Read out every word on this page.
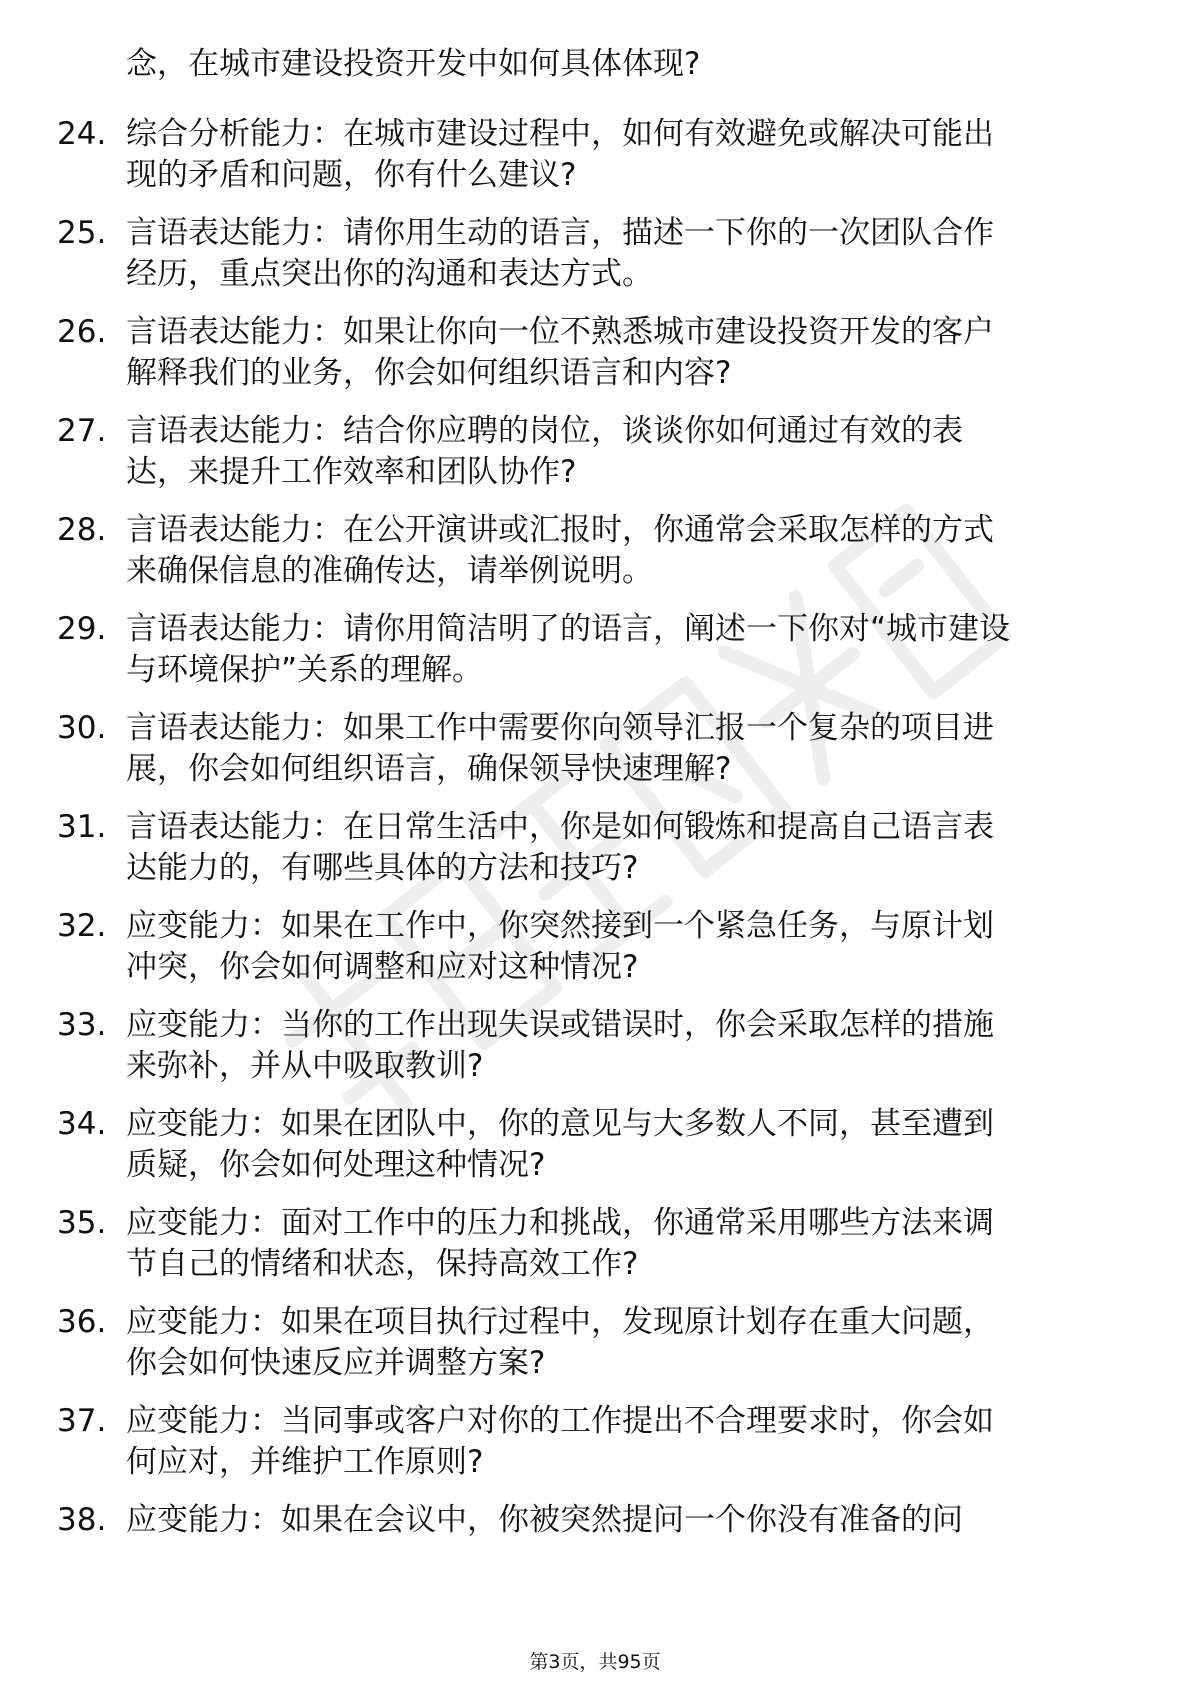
念，在城市建设投资开发中如何具体体现?
24. 综合分析能力：在城市建设过程中，如何有效避免或解决可能出
现的矛盾和问题，你有什么建议?
25. 言语表达能力：请你用生动的语言，描述一下你的一次团队合作
经历，重点突出你的沟通和表达方式。
26. 言语表达能力：如果让你向一位不熟悉城市建设投资开发的客户
解释我们的业务，你会如何组织语言和内容?
27. 言语表达能力：结合你应聘的岗位，谈谈你如何通过有效的表
达，来提升工作效率和团队协作?
28. 言语表达能力：在公开演讲或汇报时，你通常会采取怎样的方式
来确保信息的准确传达，请举例说明。
29. 言语表达能力：请你用简洁明了的语言，阐述一下你对“城市建设
与环境保护”关系的理解。
30. 言语表达能力：如果工作中需要你向领导汇报一个复杂的项目进
展，你会如何组织语言，确保领导快速理解?
31. 言语表达能力：在日常生活中，你是如何锻炼和提高自己语言表
达能力的，有哪些具体的方法和技巧?
32. 应变能力：如果在工作中，你突然接到一个紧急任务，与原计划
冲突，你会如何调整和应对这种情况?
33. 应变能力：当你的工作出现失误或错误时，你会采取怎样的措施
来弥补，并从中吸取教训?
34. 应变能力：如果在团队中，你的意见与大多数人不同，甚至遭到
质疑，你会如何处理这种情况?
35. 应变能力：面对工作中的压力和挑战，你通常采用哪些方法来调
节自己的情绪和状态，保持高效工作?
36. 应变能力：如果在项目执行过程中，发现原计划存在重大问题，
你会如何快速反应并调整方案?
37. 应变能力：当同事或客户对你的工作提出不合理要求时，你会如
何应对，并维护工作原则?
38. 应变能力：如果在会议中，你被突然提问一个你没有准备的问
第3页，共95页
